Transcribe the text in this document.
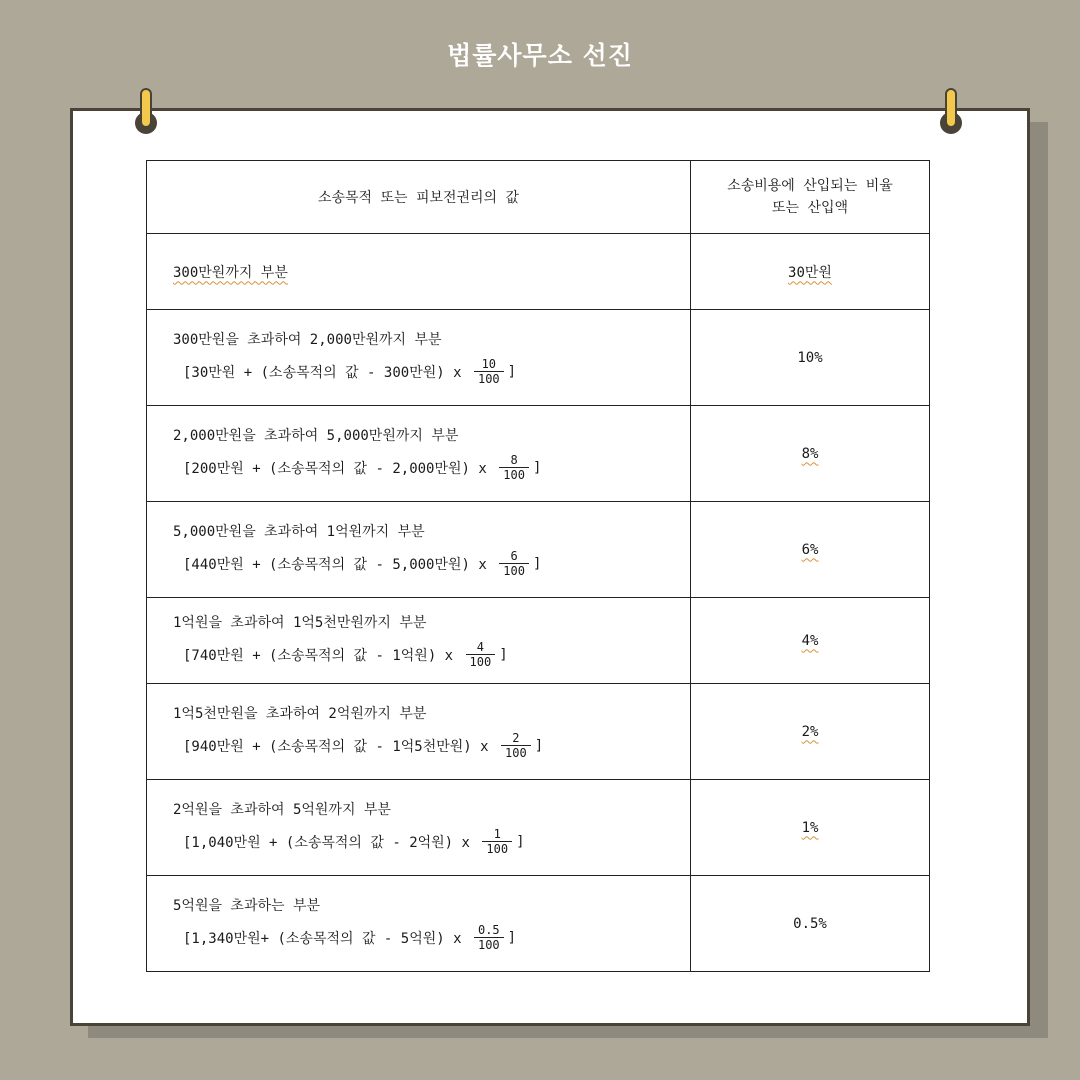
법률사무소 선진
소송목적 또는 피보전권리의 값	소송비용에 산입되는 비율
또는 산입액
300만원까지 부분	30만원

300만원을 초과하여 2,000만원까지 부분
[30만원 + (소송목적의 값 - 300만원) x $\frac{10}{100}$ ]	10%

2,000만원을 초과하여 5,000만원까지 부분
[200만원 + (소송목적의 값 - 2,000만원) x $\frac{8}{100}$ ]	8%

5,000만원을 초과하여 1억원까지 부분
[440만원 + (소송목적의 값 - 5,000만원) x $\frac{6}{100}$ ]	6%

1억원을 초과하여 1억5천만원까지 부분
[740만원 + (소송목적의 값 - 1억원) x $\frac{4}{100}$ ]	4%

1억5천만원을 초과하여 2억원까지 부분
[940만원 + (소송목적의 값 - 1억5천만원) x $\frac{2}{100}$ ]	2%

2억원을 초과하여 5억원까지 부분
[1,040만원 + (소송목적의 값 - 2억원) x $\frac{1}{100}$ ]	1%

5억원을 초과하는 부분
[1,340만원+ (소송목적의 값 - 5억원) x $\frac{0.5}{100}$ ]	0.5%
